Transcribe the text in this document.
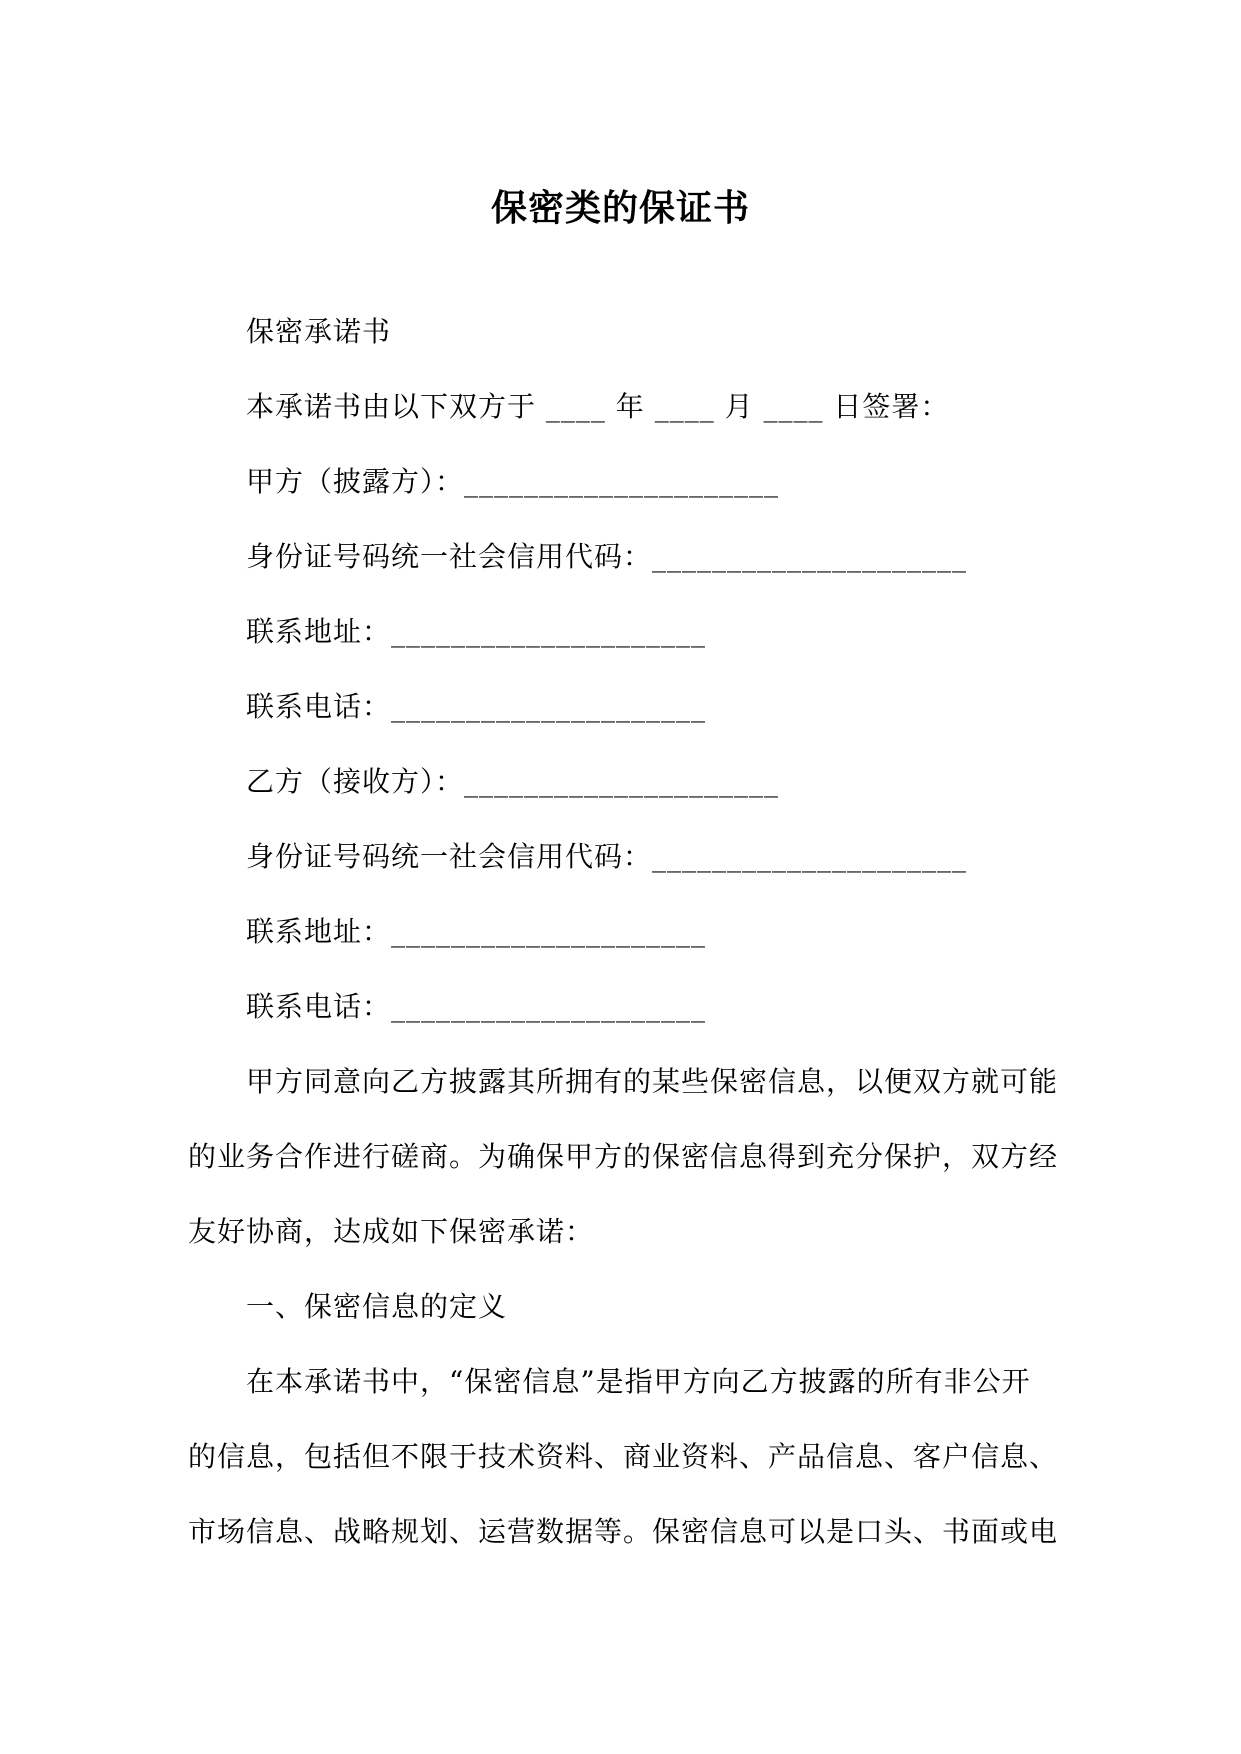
保密类的保证书
保密承诺书
本承诺书由以下双方于 ____ 年 ____ 月 ____ 日签署：
甲方（披露方）：_____________________
身份证号码统一社会信用代码：_____________________
联系地址：_____________________
联系电话：_____________________
乙方（接收方）：_____________________
身份证号码统一社会信用代码：_____________________
联系地址：_____________________
联系电话：_____________________
甲方同意向乙方披露其所拥有的某些保密信息，以便双方就可能
的业务合作进行磋商。为确保甲方的保密信息得到充分保护，双方经
友好协商，达成如下保密承诺：
一、保密信息的定义
在本承诺书中，“保密信息”是指甲方向乙方披露的所有非公开
的信息，包括但不限于技术资料、商业资料、产品信息、客户信息、
市场信息、战略规划、运营数据等。保密信息可以是口头、书面或电
